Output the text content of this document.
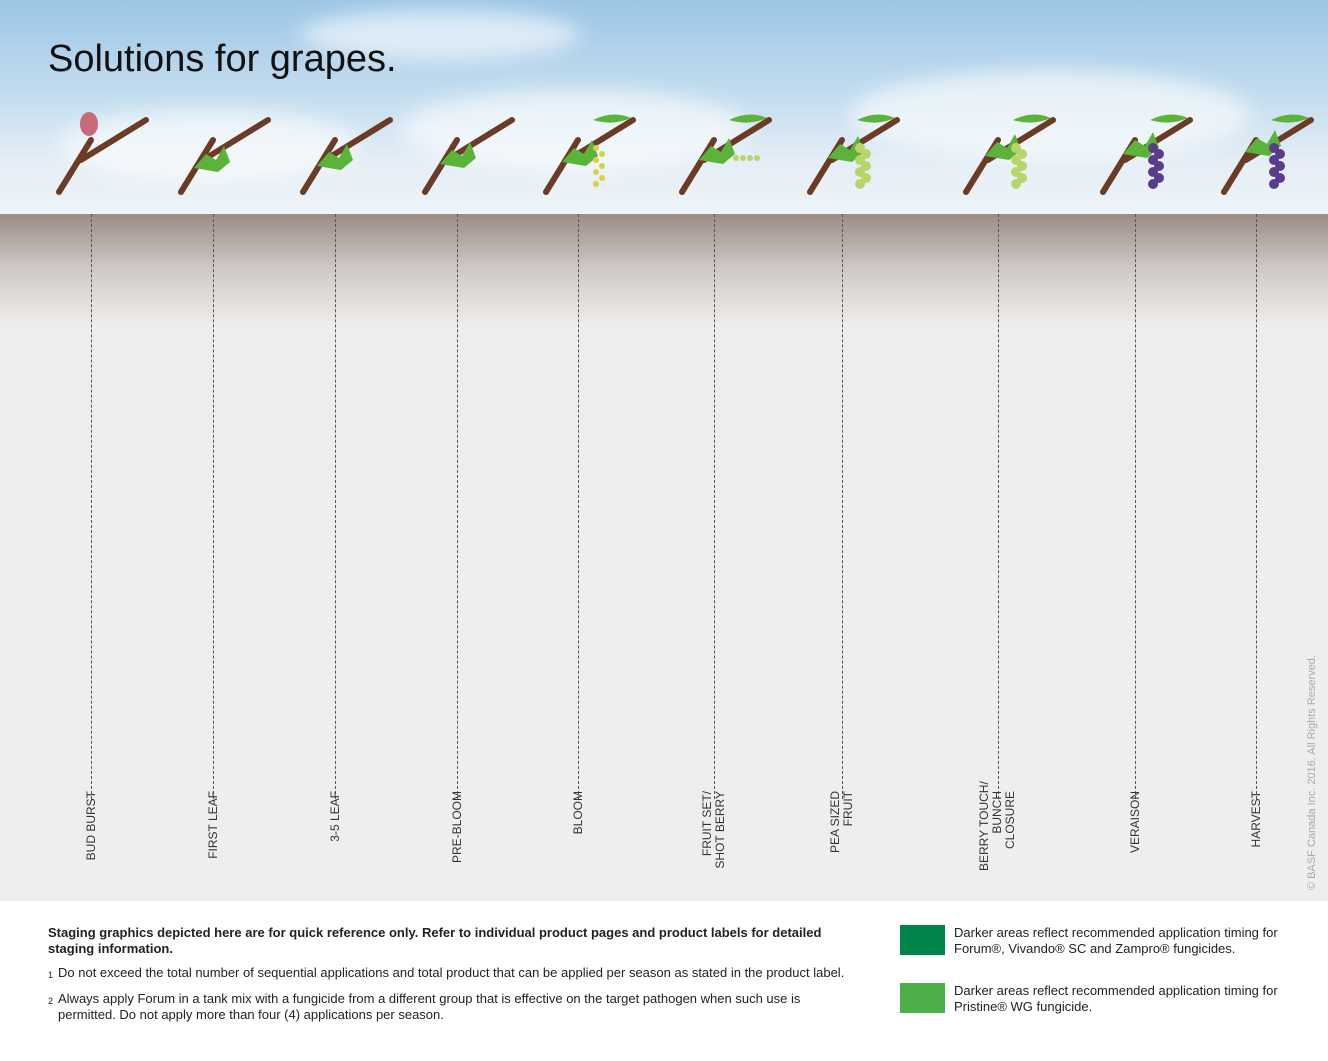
Solutions for grapes.
BUD BURST	FIRST LEAF	3-5 LEAF	PRE-BLOOM	BLOOM
FRUIT SET/
SHOT BERRY
PEA SIZED
FRUIT
BERRY TOUCH/
BUNCH
CLOSURE	VERAISON	HARVEST	© BASF Canada Inc. 2016. All Rights Reserved.
Staging graphics depicted here are for quick reference only. Refer to individual product pages and product labels for detailed staging information.
1 Do not exceed the total number of sequential applications and total product that can be applied per season as stated in the product label.
2 Always apply Forum in a tank mix with a fungicide from a different group that is effective on the target pathogen when such use is permitted. Do not apply more than four (4) applications per season.
Darker areas reflect recommended application timing for Forum®, Vivando® SC and Zampro® fungicides.
Darker areas reflect recommended application timing for Pristine® WG fungicide.
